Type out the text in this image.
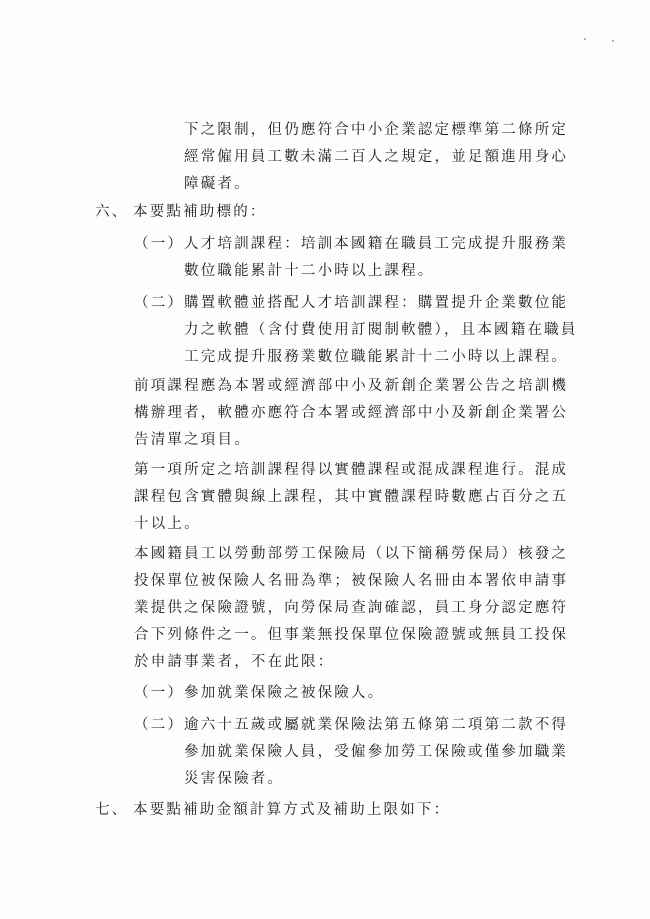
下之限制，但仍應符合中小企業認定標準第二條所定
經常僱用員工數未滿二百人之規定，並足額進用身心
障礙者。
六、 本要點補助標的：
（一） 人才培訓課程：培訓本國籍在職員工完成提升服務業
數位職能累計十二小時以上課程。
（二） 購置軟體並搭配人才培訓課程：購置提升企業數位能
力之軟體（含付費使用訂閱制軟體），且本國籍在職員
工完成提升服務業數位職能累計十二小時以上課程。
前項課程應為本署或經濟部中小及新創企業署公告之培訓機
構辦理者，軟體亦應符合本署或經濟部中小及新創企業署公
告清單之項目。
第一項所定之培訓課程得以實體課程或混成課程進行。混成
課程包含實體與線上課程，其中實體課程時數應占百分之五
十以上。
本國籍員工以勞動部勞工保險局（以下簡稱勞保局）核發之
投保單位被保險人名冊為準；被保險人名冊由本署依申請事
業提供之保險證號，向勞保局查詢確認，員工身分認定應符
合下列條件之一。但事業無投保單位保險證號或無員工投保
於申請事業者，不在此限：
（一） 參加就業保險之被保險人。
（二） 逾六十五歲或屬就業保險法第五條第二項第二款不得
參加就業保險人員，受僱參加勞工保險或僅參加職業
災害保險者。
七、 本要點補助金額計算方式及補助上限如下：
